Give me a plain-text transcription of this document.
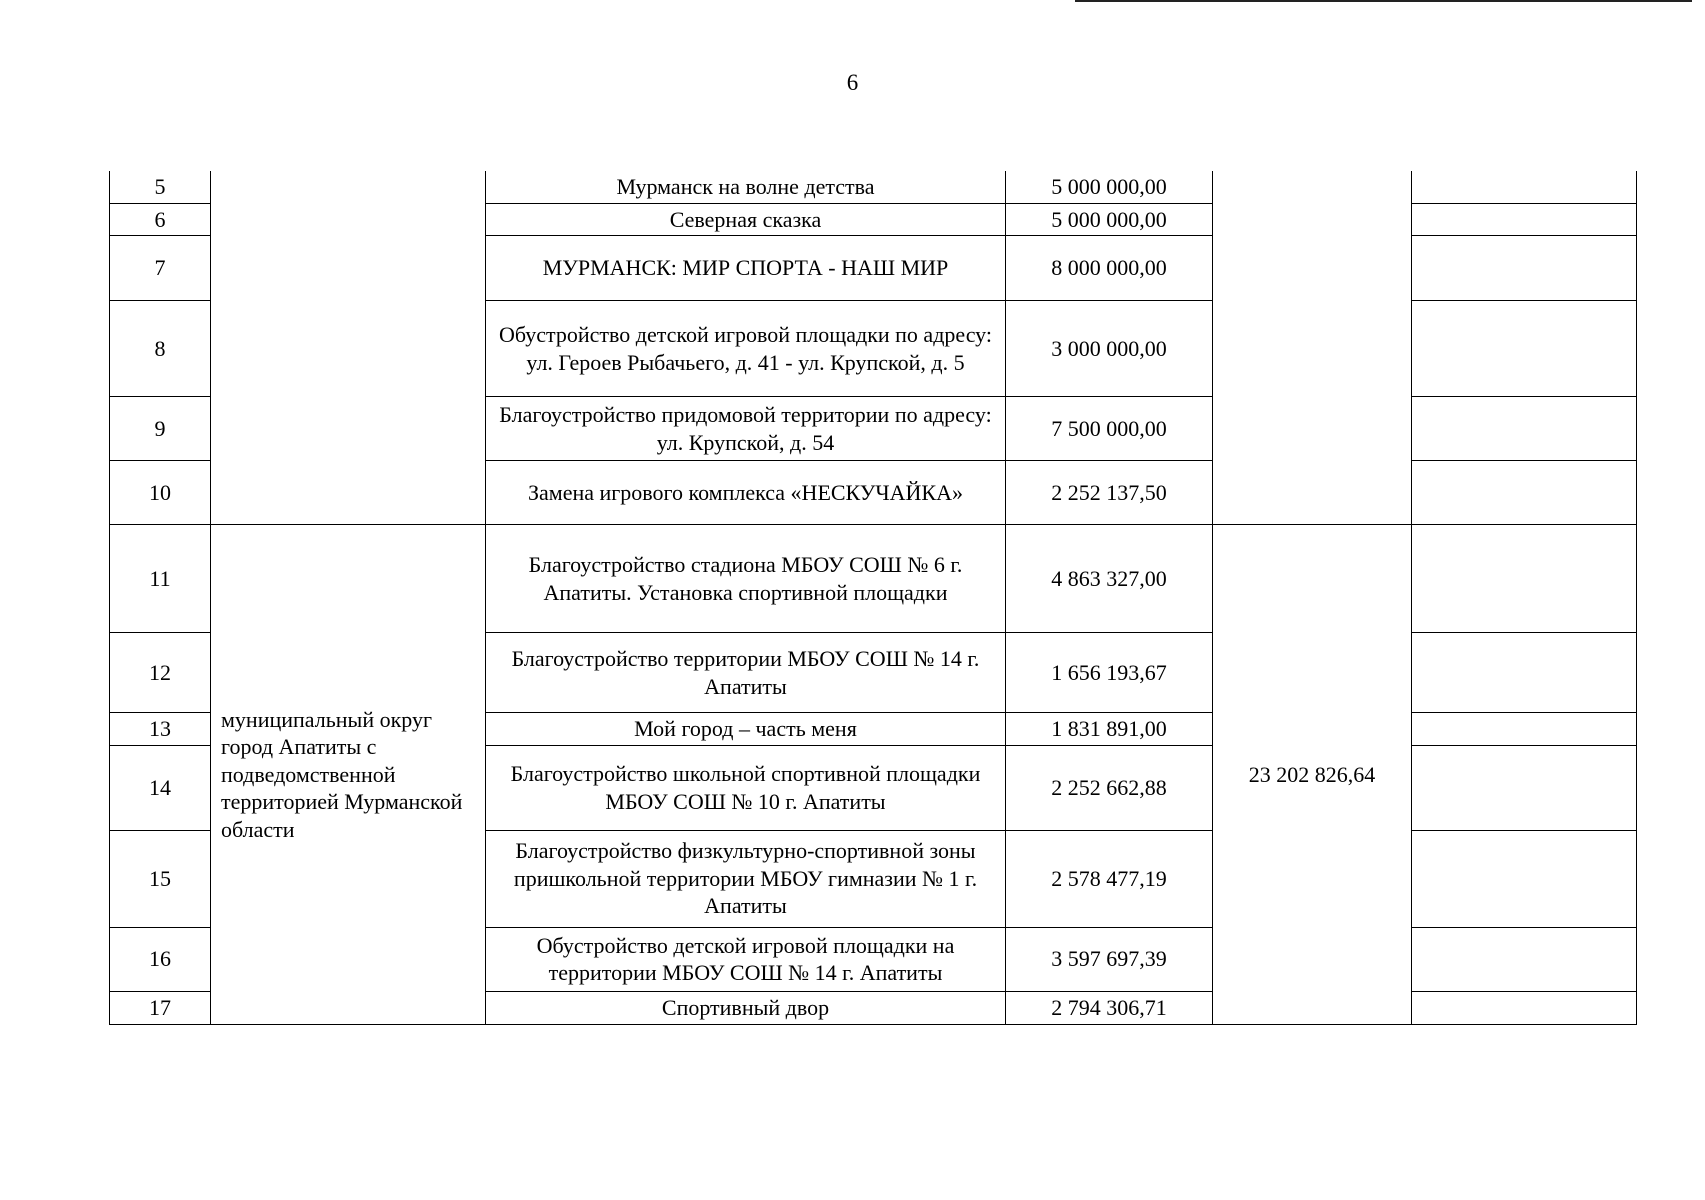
6
5		Мурманск на волне детства	5 000 000,00		
6		Северная сказка	5 000 000,00		
7		МУРМАНСК: МИР СПОРТА - НАШ МИР	8 000 000,00		
8		Обустройство детской игровой площадки по адресу: ул. Героев Рыбачьего, д. 41 - ул. Крупской, д. 5	3 000 000,00		
9		Благоустройство придомовой территории по адресу: ул. Крупской, д. 54	7 500 000,00		
10		Замена игрового комплекса «НЕСКУЧАЙКА»	2 252 137,50		
11	муниципальный округ город Апатиты с подведомственной территорией Мурманской области	Благоустройство стадиона МБОУ СОШ № 6 г. Апатиты. Установка спортивной площадки	4 863 327,00	23 202 826,64	
12		Благоустройство территории МБОУ СОШ № 14 г. Апатиты	1 656 193,67		
13		Мой город – часть меня	1 831 891,00		
14		Благоустройство школьной спортивной площадки МБОУ СОШ № 10 г. Апатиты	2 252 662,88		
15		Благоустройство физкультурно-спортивной зоны пришкольной территории МБОУ гимназии № 1 г. Апатиты	2 578 477,19		
16		Обустройство детской игровой площадки на территории МБОУ СОШ № 14 г. Апатиты	3 597 697,39		
17		Спортивный двор	2 794 306,71		
